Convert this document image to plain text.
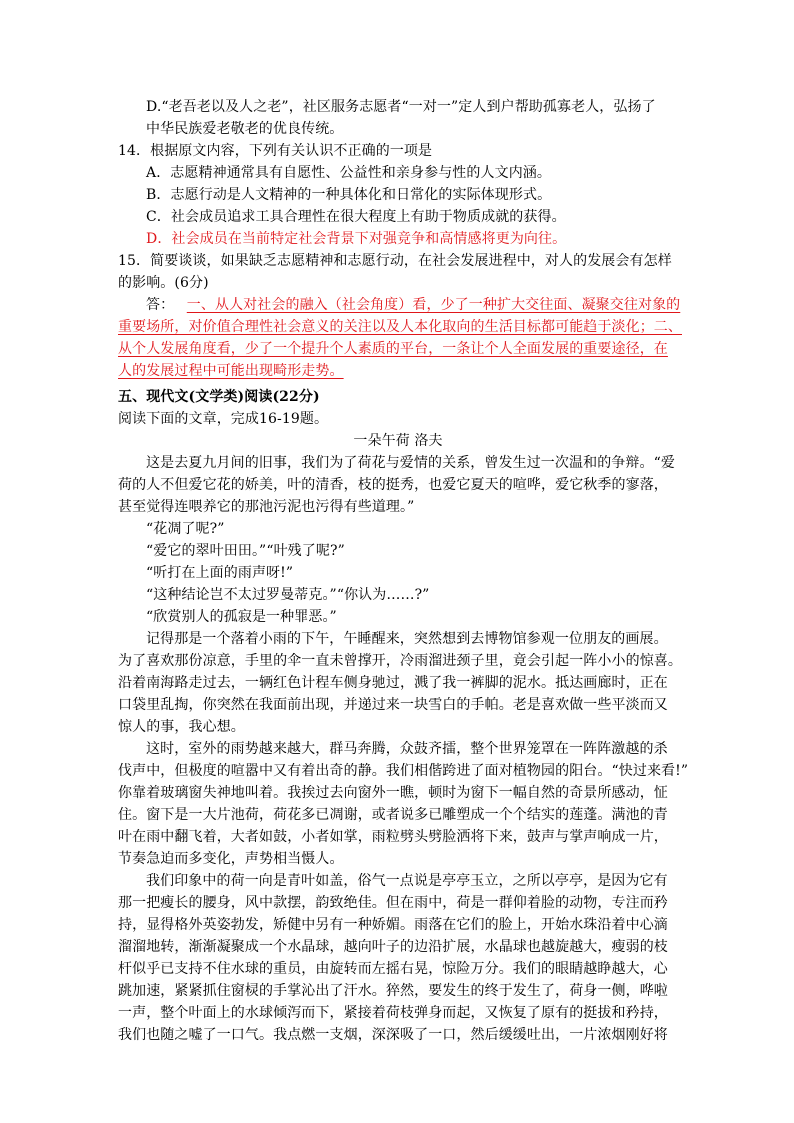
D.“老吾老以及人之老”，社区服务志愿者“一对一”定人到户帮助孤寡老人，弘扬了
中华民族爱老敬老的优良传统。
14．根据原文内容，下列有关认识不正确的一项是
A．志愿精神通常具有自愿性、公益性和亲身参与性的人文内涵。
B．志愿行动是人文精神的一种具体化和日常化的实际体现形式。
C．社会成员追求工具合理性在很大程度上有助于物质成就的获得。
D．社会成员在当前特定社会背景下对强竞争和高情感将更为向往。
15．简要谈谈，如果缺乏志愿精神和志愿行动，在社会发展进程中，对人的发展会有怎样
的影响。(6分)
答： 一、从人对社会的融入（社会角度）看，少了一种扩大交往面、凝聚交往对象的
重要场所，对价值合理性社会意义的关注以及人本化取向的生活目标都可能趋于淡化；二、
从个人发展角度看，少了一个提升个人素质的平台，一条让个人全面发展的重要途径，在
人的发展过程中可能出现畸形走势。
五、现代文(文学类)阅读(22分)
阅读下面的文章，完成16-19题。
一朵午荷 洛夫
这是去夏九月间的旧事，我们为了荷花与爱情的关系，曾发生过一次温和的争辩。“爱
荷的人不但爱它花的娇美，叶的清香，枝的挺秀，也爱它夏天的喧哗，爱它秋季的寥落，
甚至觉得连喂养它的那池污泥也污得有些道理。”
“花凋了呢?”
“爱它的翠叶田田。”“叶残了呢?”
“听打在上面的雨声呀!”
“这种结论岂不太过罗曼蒂克。”“你认为……?”
“欣赏别人的孤寂是一种罪恶。”
记得那是一个落着小雨的下午，午睡醒来，突然想到去博物馆参观一位朋友的画展。
为了喜欢那份凉意，手里的伞一直未曾撑开，冷雨溜进颈子里，竟会引起一阵小小的惊喜。
沿着南海路走过去，一辆红色计程车侧身驰过，溅了我一裤脚的泥水。抵达画廊时，正在
口袋里乱掏，你突然在我面前出现，并递过来一块雪白的手帕。老是喜欢做一些平淡而又
惊人的事，我心想。
这时，室外的雨势越来越大，群马奔腾，众鼓齐擂，整个世界笼罩在一阵阵激越的杀
伐声中，但极度的喧嚣中又有着出奇的静。我们相偕跨进了面对植物园的阳台。“快过来看!”
你靠着玻璃窗失神地叫着。我挨过去向窗外一瞧，顿时为窗下一幅自然的奇景所感动，怔
住。窗下是一大片池荷，荷花多已凋谢，或者说多已雕塑成一个个结实的莲蓬。满池的青
叶在雨中翻飞着，大者如鼓，小者如掌，雨粒劈头劈脸洒将下来，鼓声与掌声响成一片，
节奏急迫而多变化，声势相当慑人。
我们印象中的荷一向是青叶如盖，俗气一点说是亭亭玉立，之所以亭亭，是因为它有
那一把瘦长的腰身，风中款摆，韵致绝佳。但在雨中，荷是一群仰着脸的动物，专注而矜
持，显得格外英姿勃发，矫健中另有一种娇媚。雨落在它们的脸上，开始水珠沿着中心滴
溜溜地转，渐渐凝聚成一个水晶球，越向叶子的边沿扩展，水晶球也越旋越大，瘦弱的枝
杆似乎已支持不住水球的重员，由旋转而左摇右晃，惊险万分。我们的眼睛越睁越大，心
跳加速，紧紧抓住窗棂的手掌沁出了汗水。猝然，要发生的终于发生了，荷身一侧，哗啦
一声，整个叶面上的水球倾泻而下，紧接着荷枝弹身而起，又恢复了原有的挺拔和矜持，
我们也随之嘘了一口气。我点燃一支烟，深深吸了一口，然后缓缓吐出，一片浓烟刚好将
